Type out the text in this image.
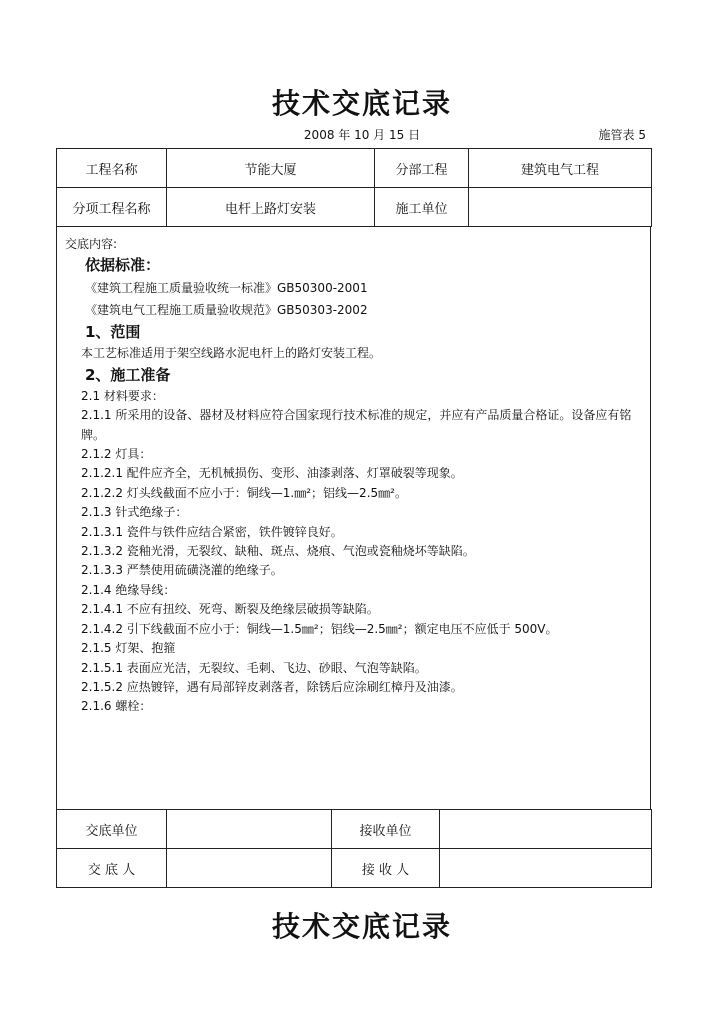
技术交底记录
2008 年 10 月 15 日	施管表 5
工程名称	节能大厦	分部工程	建筑电气工程
分项工程名称	电杆上路灯安装	施工单位	
交底内容:
依据标准：
《建筑工程施工质量验收统一标准》GB50300-2001
《建筑电气工程施工质量验收规范》GB50303-2002
1、范围
本工艺标准适用于架空线路水泥电杆上的路灯安装工程。
2、施工准备
2.1 材料要求：
2.1.1 所采用的设备、器材及材料应符合国家现行技术标准的规定，并应有产品质量合格证。设备应有铭牌。
2.1.2 灯具：
2.1.2.1 配件应齐全，无机械损伤、变形、油漆剥落、灯罩破裂等现象。
2.1.2.2 灯头线截面不应小于：铜线—1.㎜²；铝线—2.5㎜²。
2.1.3 针式绝缘子：
2.1.3.1 瓷件与铁件应结合紧密，铁件镀锌良好。
2.1.3.2 瓷釉光滑，无裂纹、缺釉、斑点、烧痕、气泡或瓷釉烧坏等缺陷。
2.1.3.3 严禁使用硫磺浇灌的绝缘子。
2.1.4 绝缘导线：
2.1.4.1 不应有扭绞、死弯、断裂及绝缘层破损等缺陷。
2.1.4.2 引下线截面不应小于：铜线—1.5㎜²；铝线—2.5㎜²；额定电压不应低于 500V。
2.1.5 灯架、抱箍
2.1.5.1 表面应光洁，无裂纹、毛刺、飞边、砂眼、气泡等缺陷。
2.1.5.2 应热镀锌，遇有局部锌皮剥落者，除锈后应涂刷红樟丹及油漆。
2.1.6 螺栓：
交底单位		接收单位	
交 底 人		接 收 人	
技术交底记录
